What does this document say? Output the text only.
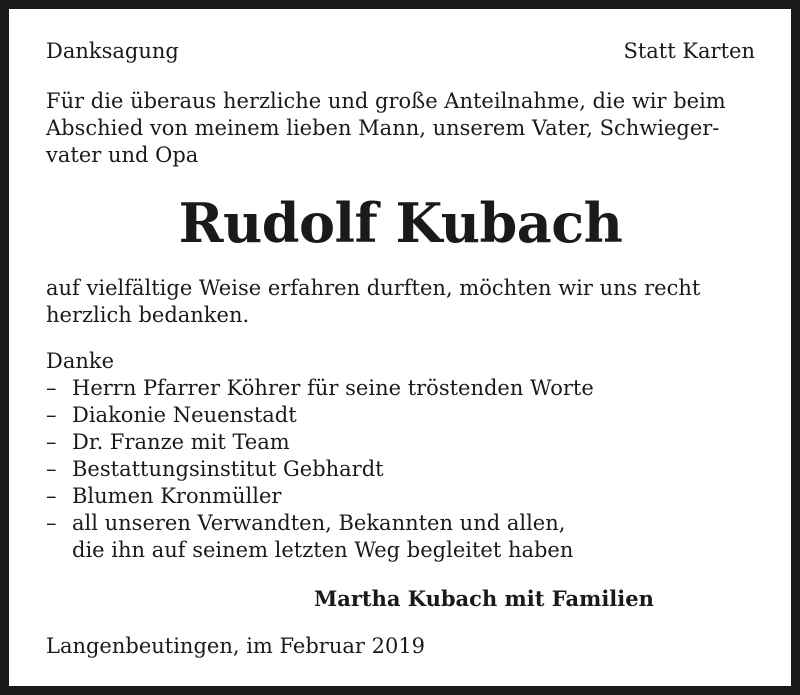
Danksagung	Statt Karten
Für die überaus herzliche und große Anteilnahme, die wir beim
Abschied von meinem lieben Mann, unserem Vater, Schwieger-
vater und Opa
Rudolf Kubach
auf vielfältige Weise erfahren durften, möchten wir uns recht
herzlich bedanken.
Danke
– Herrn Pfarrer Köhrer für seine tröstenden Worte
– Diakonie Neuenstadt
– Dr. Franze mit Team
– Bestattungsinstitut Gebhardt
– Blumen Kronmüller
– all unseren Verwandten, Bekannten und allen,
die ihn auf seinem letzten Weg begleitet haben
Martha Kubach mit Familien
Langenbeutingen, im Februar 2019
